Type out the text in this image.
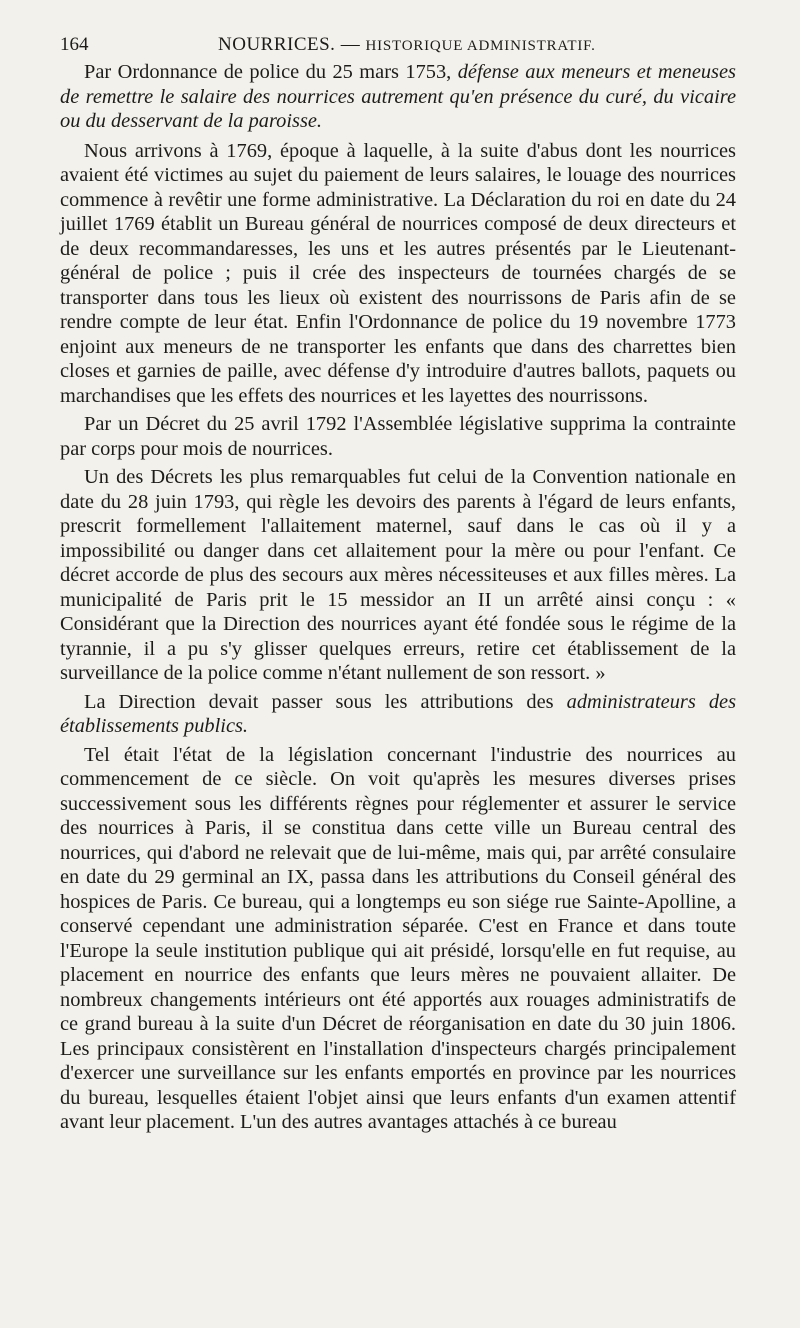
164	NOURRICES. — HISTORIQUE ADMINISTRATIF.

Par Ordonnance de police du 25 mars 1753, défense aux meneurs et meneuses de remettre le salaire des nourrices autrement qu'en présence du curé, du vicaire ou du desservant de la paroisse.

Nous arrivons à 1769, époque à laquelle, à la suite d'abus dont les nourrices avaient été victimes au sujet du paiement de leurs salaires, le louage des nourrices commence à revêtir une forme administrative. La Déclaration du roi en date du 24 juillet 1769 établit un Bureau général de nourrices composé de deux directeurs et de deux recommandaresses, les uns et les autres présentés par le Lieutenant-général de police ; puis il crée des inspecteurs de tournées chargés de se transporter dans tous les lieux où existent des nourrissons de Paris afin de se rendre compte de leur état. Enfin l'Ordonnance de police du 19 novembre 1773 enjoint aux meneurs de ne transporter les enfants que dans des charrettes bien closes et garnies de paille, avec défense d'y introduire d'autres ballots, paquets ou marchandises que les effets des nourrices et les layettes des nourrissons.

Par un Décret du 25 avril 1792 l'Assemblée législative supprima la contrainte par corps pour mois de nourrices.

Un des Décrets les plus remarquables fut celui de la Convention nationale en date du 28 juin 1793, qui règle les devoirs des parents à l'égard de leurs enfants, prescrit formellement l'allaitement maternel, sauf dans le cas où il y a impossibilité ou danger dans cet allaitement pour la mère ou pour l'enfant. Ce décret accorde de plus des secours aux mères nécessiteuses et aux filles mères. La municipalité de Paris prit le 15 messidor an II un arrêté ainsi conçu : « Considérant que la Direction des nourrices ayant été fondée sous le régime de la tyrannie, il a pu s'y glisser quelques erreurs, retire cet établissement de la surveillance de la police comme n'étant nullement de son ressort. »

La Direction devait passer sous les attributions des administrateurs des établissements publics.

Tel était l'état de la législation concernant l'industrie des nourrices au commencement de ce siècle. On voit qu'après les mesures diverses prises successivement sous les différents règnes pour réglementer et assurer le service des nourrices à Paris, il se constitua dans cette ville un Bureau central des nourrices, qui d'abord ne relevait que de lui-même, mais qui, par arrêté consulaire en date du 29 germinal an IX, passa dans les attributions du Conseil général des hospices de Paris. Ce bureau, qui a longtemps eu son siége rue Sainte-Apolline, a conservé cependant une administration séparée. C'est en France et dans toute l'Europe la seule institution publique qui ait présidé, lorsqu'elle en fut requise, au placement en nourrice des enfants que leurs mères ne pouvaient allaiter. De nombreux changements intérieurs ont été apportés aux rouages administratifs de ce grand bureau à la suite d'un Décret de réorganisation en date du 30 juin 1806. Les principaux consistèrent en l'installation d'inspecteurs chargés principalement d'exercer une surveillance sur les enfants emportés en province par les nourrices du bureau, lesquelles étaient l'objet ainsi que leurs enfants d'un examen attentif avant leur placement. L'un des autres avantages attachés à ce bureau
